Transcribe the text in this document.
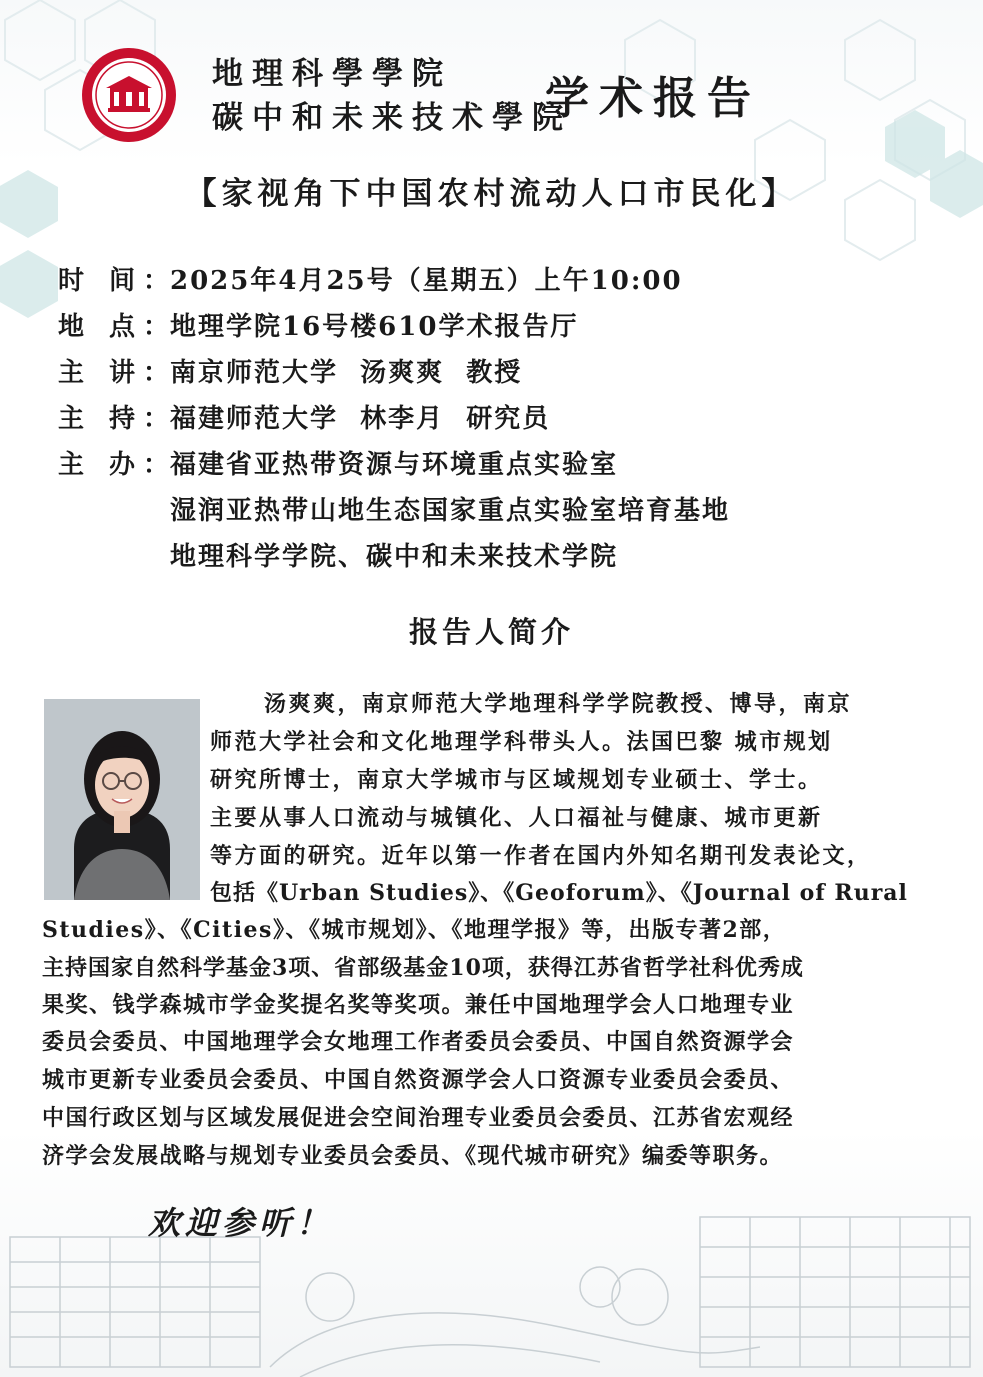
地理科學學院
碳中和未来技术學院
学术报告
【家视角下中国农村流动人口市民化】
时 间：
2025年4月25号（星期五）上午10:00
地 点：
地理学院16号楼610学术报告厅
主 讲：
南京师范大学  汤爽爽  教授
主 持：
福建师范大学  林李月  研究员
主 办：
福建省亚热带资源与环境重点实验室
湿润亚热带山地生态国家重点实验室培育基地
地理科学学院、碳中和未来技术学院
报告人简介
汤爽爽，南京师范大学地理科学学院教授、博导，南京
师范大学社会和文化地理学科带头人。法国巴黎 城市规划
研究所博士，南京大学城市与区域规划专业硕士、学士。
主要从事人口流动与城镇化、人口福祉与健康、城市更新
等方面的研究。近年以第一作者在国内外知名期刊发表论文，
包括《Urban Studies》、《Geoforum》、《Journal of Rural
Studies》、《Cities》、《城市规划》、《地理学报》等，出版专著2部，
主持国家自然科学基金3项、省部级基金10项，获得江苏省哲学社科优秀成
果奖、钱学森城市学金奖提名奖等奖项。兼任中国地理学会人口地理专业
委员会委员、中国地理学会女地理工作者委员会委员、中国自然资源学会
城市更新专业委员会委员、中国自然资源学会人口资源专业委员会委员、
中国行政区划与区域发展促进会空间治理专业委员会委员、江苏省宏观经
济学会发展战略与规划专业委员会委员、《现代城市研究》编委等职务。
欢迎参听！
